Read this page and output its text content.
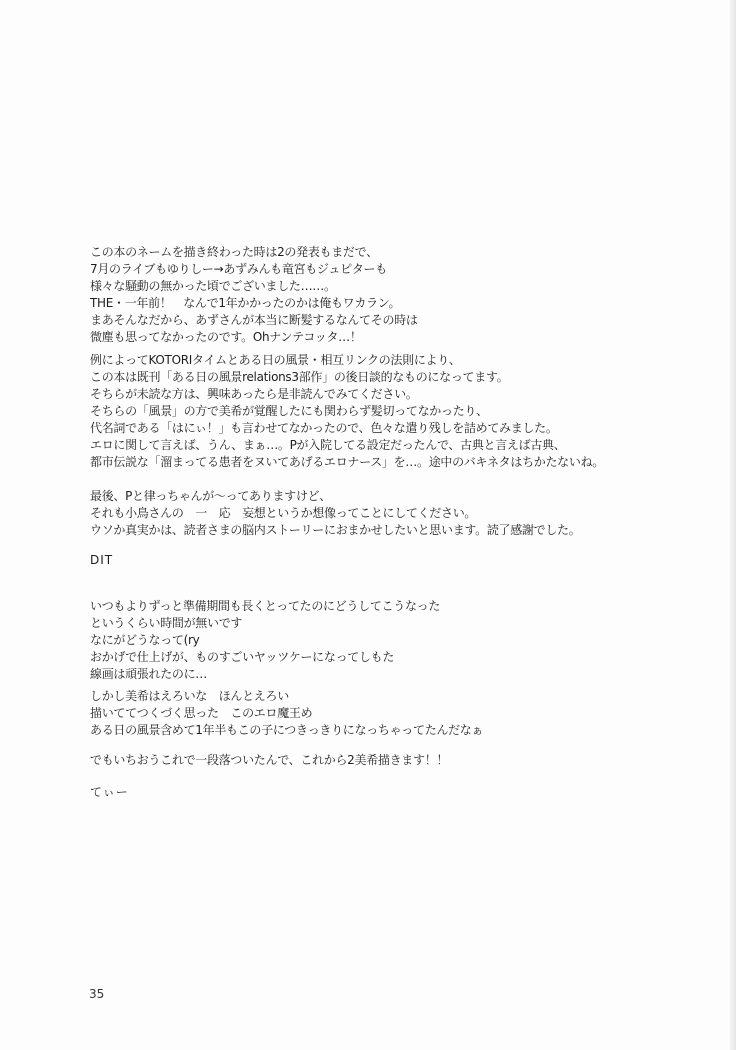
この本のネームを描き終わった時は2の発表もまだで、
7月のライブもゆりしー→あずみんも竜宮もジュピターも
様々な騒動の無かった頃でございました……。
THE・一年前！　なんで1年かかったのかは俺もワカラン。
まあそんなだから、あずさんが本当に断髪するなんてその時は
微塵も思ってなかったのです。Ohナンテコッタ…！
例によってKOTORIタイムとある日の風景・相互リンクの法則により、
この本は既刊「ある日の風景relations3部作」の後日談的なものになってます。
そちらが未読な方は、興味あったら是非読んでみてください。
そちらの「風景」の方で美希が覚醒したにも関わらず髪切ってなかったり、
代名詞である「はにぃ！」も言わせてなかったので、色々な遣り残しを詰めてみました。
エロに関して言えば、うん、まぁ…。Pが入院してる設定だったんで、古典と言えば古典、
都市伝説な「溜まってる患者をヌいてあげるエロナース」を…。途中のバキネタはちかたないね。
最後、Pと律っちゃんが～ってありますけど、
それも小鳥さんの　一　応　妄想というか想像ってことにしてください。
ウソか真実かは、読者さまの脳内ストーリーにおまかせしたいと思います。読了感謝でした。
DIT
いつもよりずっと準備期間も長くとってたのにどうしてこうなった
というくらい時間が無いです
なにがどうなって(ry
おかげで仕上げが、ものすごいヤッツケーになってしもた
線画は頑張れたのに…
しかし美希はえろいな　ほんとえろい
描いててつくづく思った　このエロ魔王め
ある日の風景含めて1年半もこの子につきっきりになっちゃってたんだなぁ
でもいちおうこれで一段落ついたんで、これから2美希描きます！！
てぃー
35
